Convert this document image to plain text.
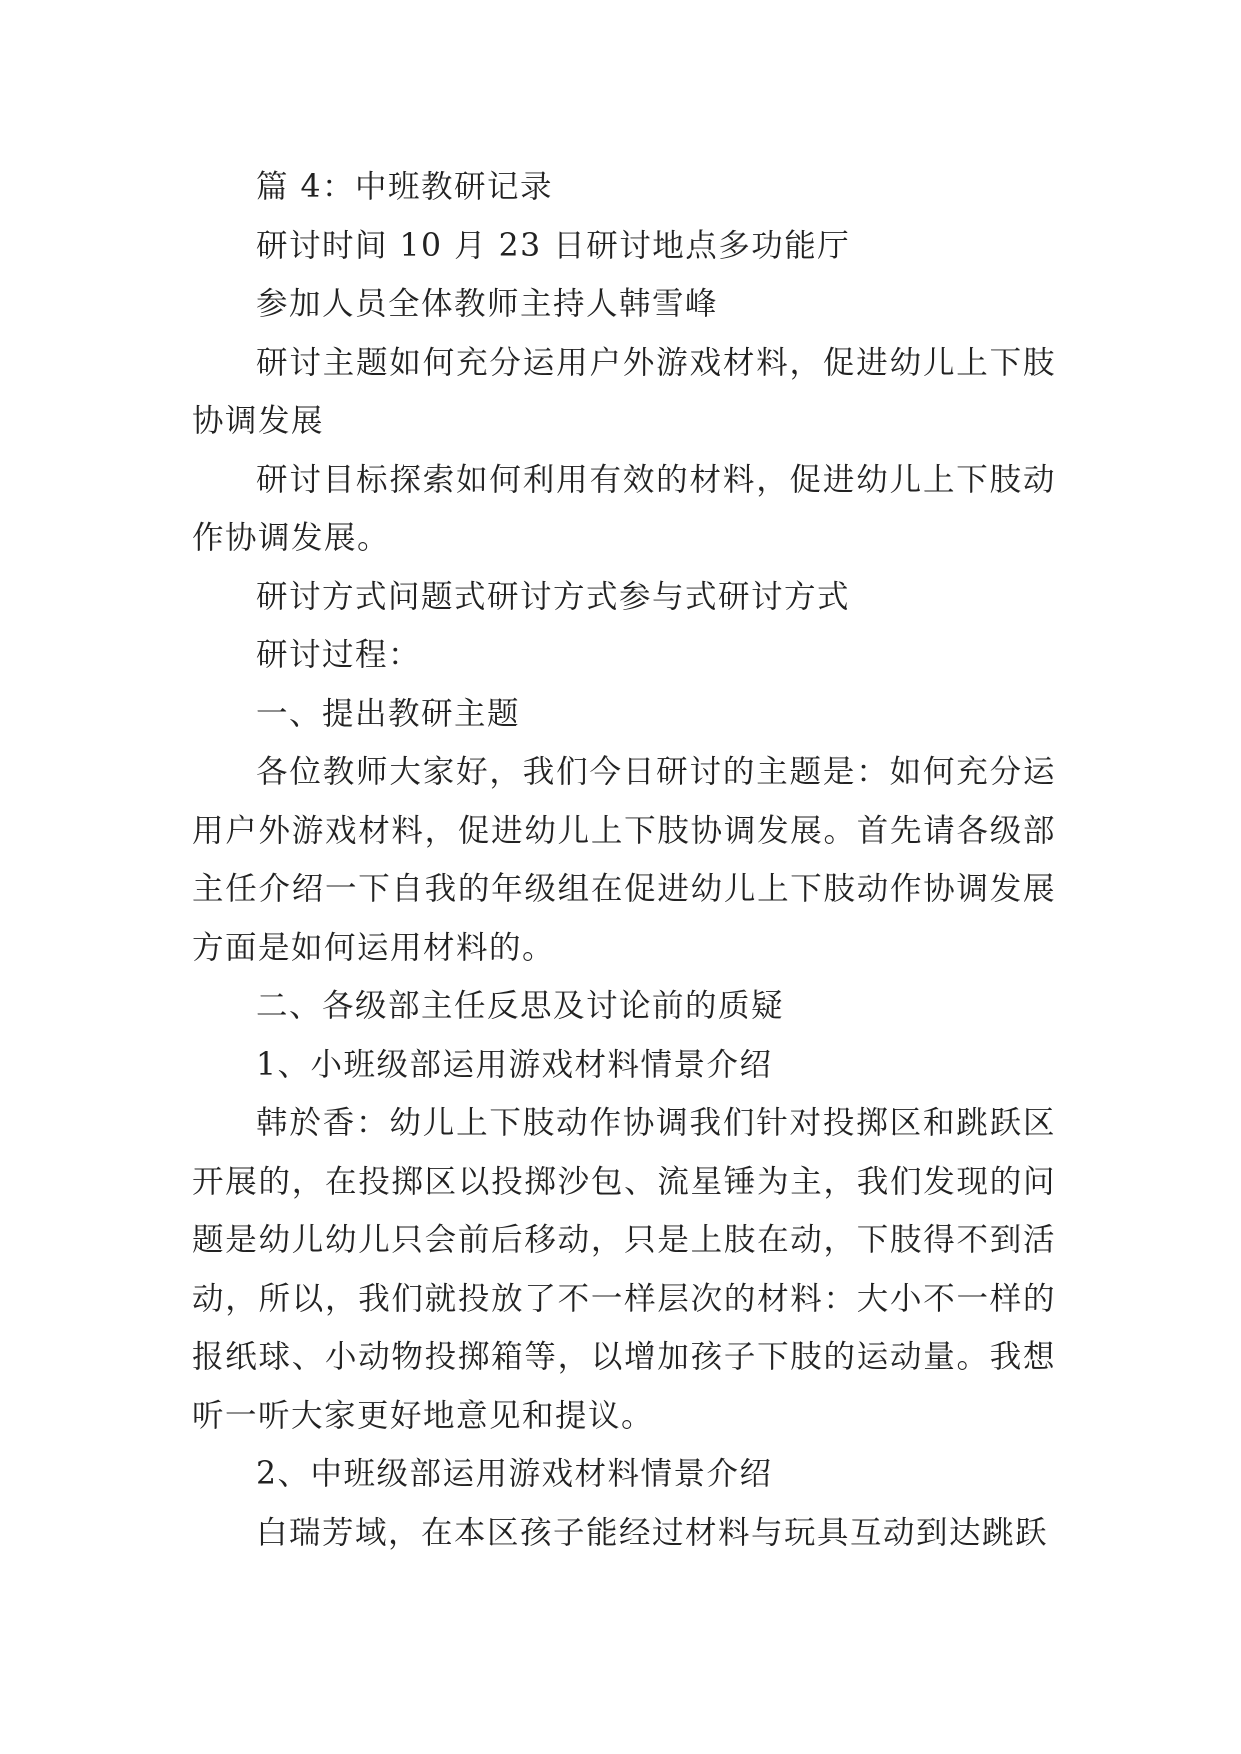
篇 4：中班教研记录

研讨时间 10 月 23 日研讨地点多功能厅

参加人员全体教师主持人韩雪峰

研讨主题如何充分运用户外游戏材料，促进幼儿上下肢协调发展

研讨目标探索如何利用有效的材料，促进幼儿上下肢动作协调发展。

研讨方式问题式研讨方式参与式研讨方式

研讨过程：

一、提出教研主题

各位教师大家好，我们今日研讨的主题是：如何充分运用户外游戏材料，促进幼儿上下肢协调发展。首先请各级部主任介绍一下自我的年级组在促进幼儿上下肢动作协调发展方面是如何运用材料的。

二、各级部主任反思及讨论前的质疑

1、小班级部运用游戏材料情景介绍

韩於香：幼儿上下肢动作协调我们针对投掷区和跳跃区开展的，在投掷区以投掷沙包、流星锤为主，我们发现的问题是幼儿幼儿只会前后移动，只是上肢在动，下肢得不到活动，所以，我们就投放了不一样层次的材料：大小不一样的报纸球、小动物投掷箱等，以增加孩子下肢的运动量。我想听一听大家更好地意见和提议。

2、中班级部运用游戏材料情景介绍

白瑞芳域，在本区孩子能经过材料与玩具互动到达跳跃
